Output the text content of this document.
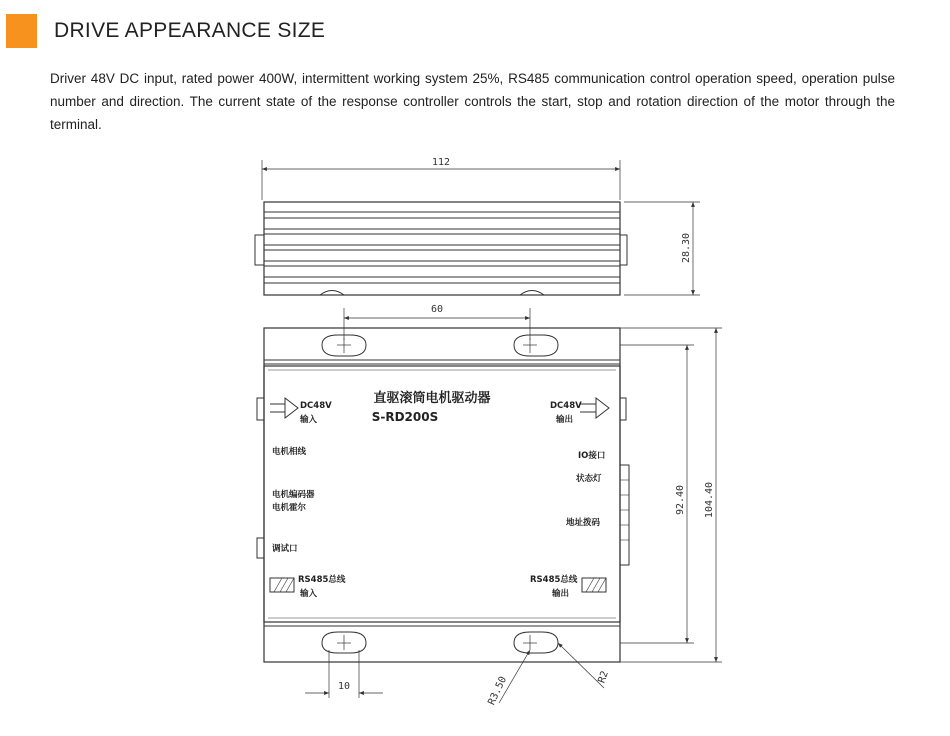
DRIVE APPEARANCE SIZE

Driver 48V DC input, rated power 400W, intermittent working system 25%, RS485 communication control operation speed, operation pulse number and direction. The current state of the response controller controls the start, stop and rotation direction of the motor through the terminal.

112
28.30
60
92.40 104.40
10	R3.50	R2
直驱滚筒电机驱动器
S-RD200S
DC48V
输入
DC48V
输出
电机相线
电机编码器
电机霍尔
调试口
IO接口
状态灯
地址拨码
RS485总线
输入
RS485总线
输出
